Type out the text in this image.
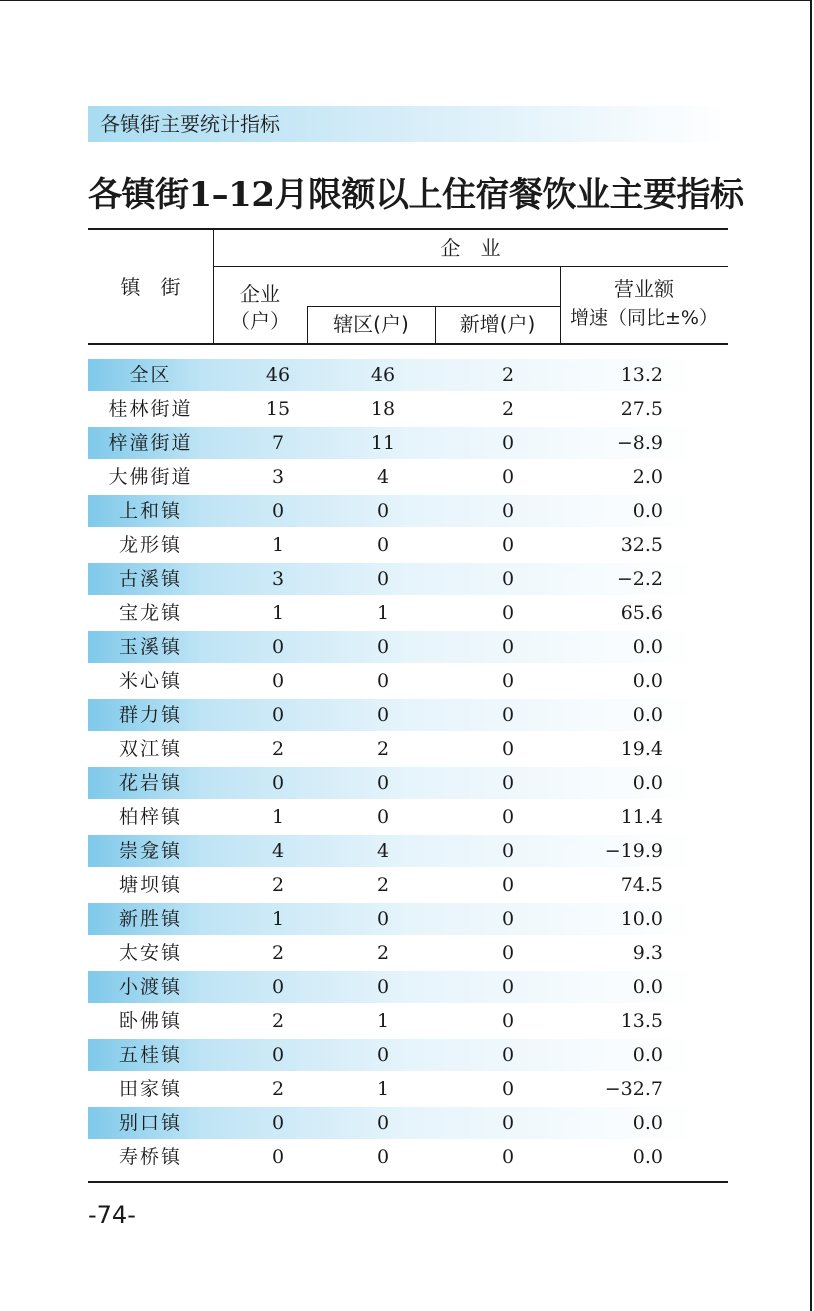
各镇街主要统计指标
各镇街1–12月限额以上住宿餐饮业主要指标
镇　街
企　业
企业
（户）	辖区(户)	新增(户)
营业额
增速（同比±%）
全区	46	46	2	13.2
桂林街道	15	18	2	27.5
梓潼街道	7	11	0	−8.9
大佛街道	3	4	0	2.0
上和镇	0	0	0	0.0
龙形镇	1	0	0	32.5
古溪镇	3	0	0	−2.2
宝龙镇	1	1	0	65.6
玉溪镇	0	0	0	0.0
米心镇	0	0	0	0.0
群力镇	0	0	0	0.0
双江镇	2	2	0	19.4
花岩镇	0	0	0	0.0
柏梓镇	1	0	0	11.4
崇龛镇	4	4	0	−19.9
塘坝镇	2	2	0	74.5
新胜镇	1	0	0	10.0
太安镇	2	2	0	9.3
小渡镇	0	0	0	0.0
卧佛镇	2	1	0	13.5
五桂镇	0	0	0	0.0
田家镇	2	1	0	−32.7
别口镇	0	0	0	0.0
寿桥镇	0	0	0	0.0
-74-
